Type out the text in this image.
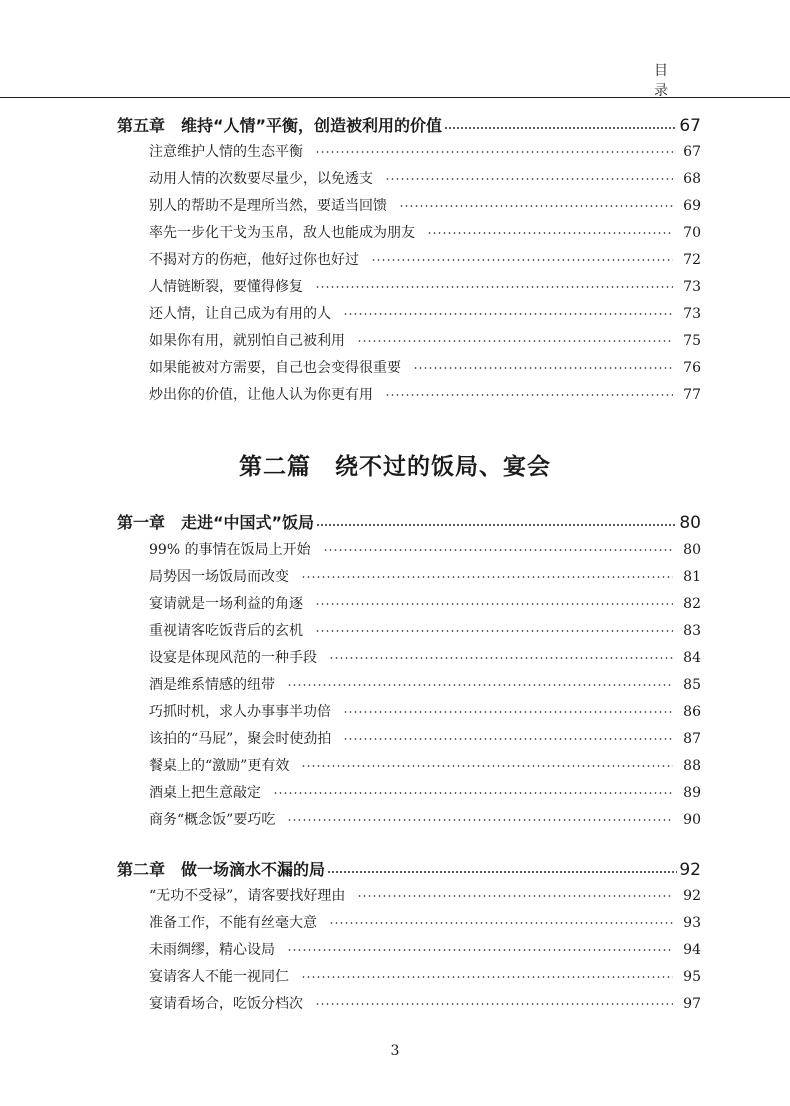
目 录
第五章　维持“人情”平衡，创造被利用的价值	67
注意维护人情的生态平衡	67
动用人情的次数要尽量少，以免透支	68
别人的帮助不是理所当然，要适当回馈	69
率先一步化干戈为玉帛，敌人也能成为朋友	70
不揭对方的伤疤，他好过你也好过	72
人情链断裂，要懂得修复	73
还人情，让自己成为有用的人	73
如果你有用，就别怕自己被利用	75
如果能被对方需要，自己也会变得很重要	76
炒出你的价值，让他人认为你更有用	77
第二篇　绕不过的饭局、宴会
第一章　走进“中国式”饭局	80
99% 的事情在饭局上开始	80
局势因一场饭局而改变	81
宴请就是一场利益的角逐	82
重视请客吃饭背后的玄机	83
设宴是体现风范的一种手段	84
酒是维系情感的纽带	85
巧抓时机，求人办事事半功倍	86
该拍的“马屁”，聚会时使劲拍	87
餐桌上的“激励”更有效	88
酒桌上把生意敲定	89
商务“概念饭”要巧吃	90
第二章　做一场滴水不漏的局	92
“无功不受禄”，请客要找好理由	92
准备工作，不能有丝毫大意	93
未雨绸缪，精心设局	94
宴请客人不能一视同仁	95
宴请看场合，吃饭分档次	97
3
